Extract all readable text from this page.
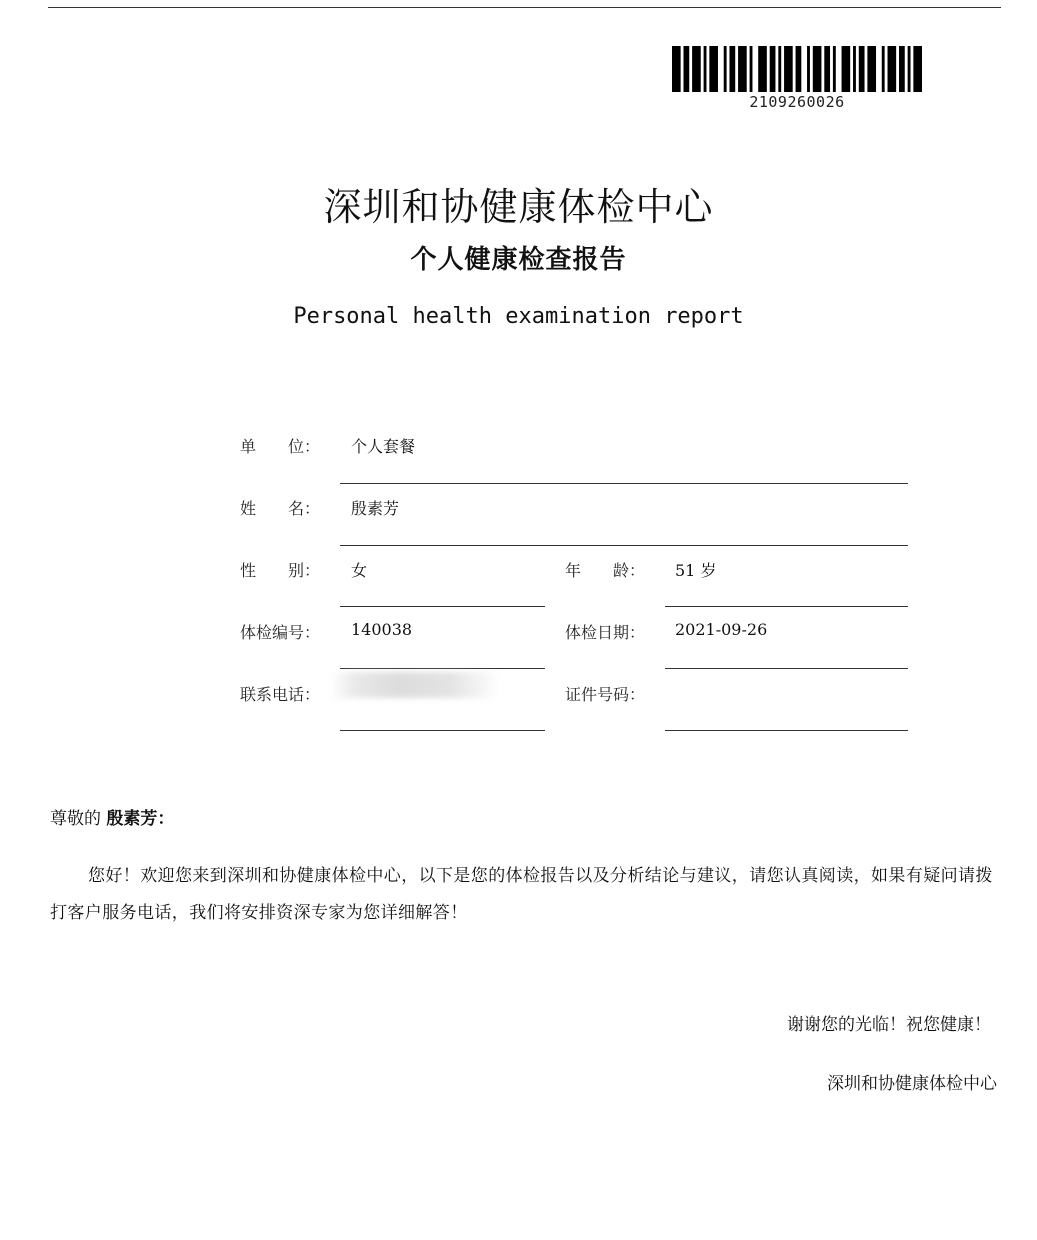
2109260026
深圳和协健康体检中心
个人健康检查报告
Personal health examination report
单　　位： 个人套餐
姓　　名： 殷素芳
性　　别： 女	年　　龄： 51 岁
体检编号： 140038	体检日期： 2021-09-26
联系电话：	证件号码：
尊敬的 殷素芳：
您好！欢迎您来到深圳和协健康体检中心，以下是您的体检报告以及分析结论与建议，请您认真阅读，如果有疑问请拨打客户服务电话，我们将安排资深专家为您详细解答！
谢谢您的光临！祝您健康！
深圳和协健康体检中心
